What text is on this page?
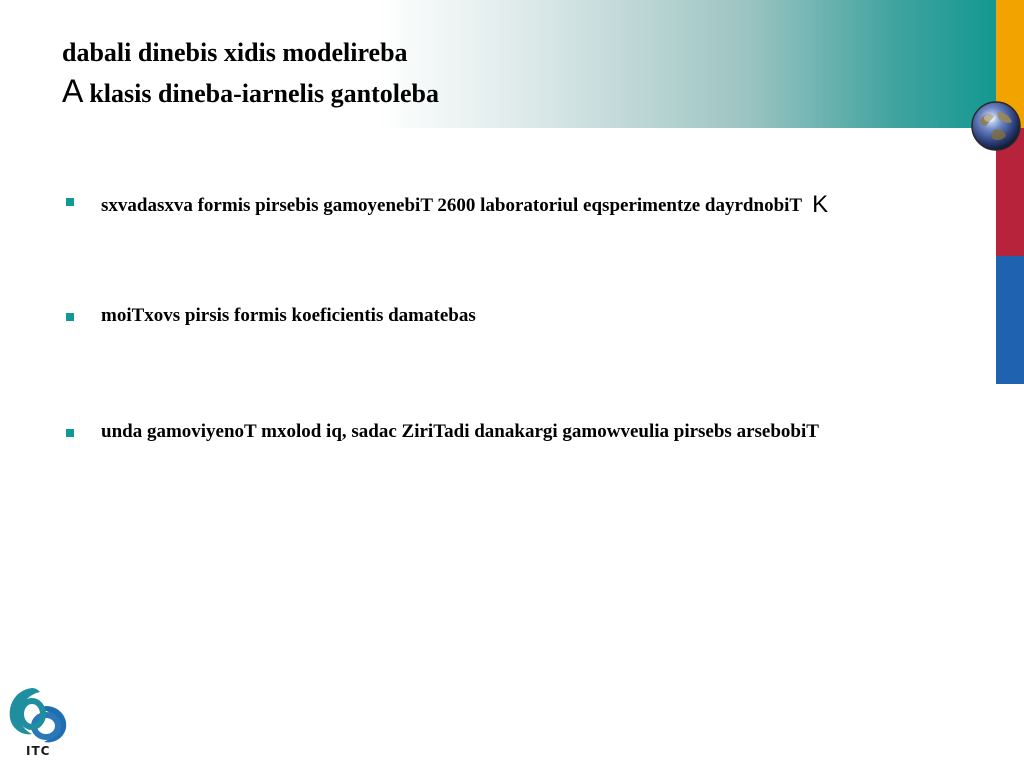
dabali dinebis xidis modelireba
A klasis dineba-iarnelis gantoleba
sxvadasxva formis pirsebis gamoyenebiT 2600 laboratoriul eqsperimentze dayrdnobiT K
moiTxovs pirsis formis koeficientis damatebas
unda gamoviyenoT mxolod iq, sadac ZiriTadi danakargi gamowveulia pirsebs arsebobiT
ITC
